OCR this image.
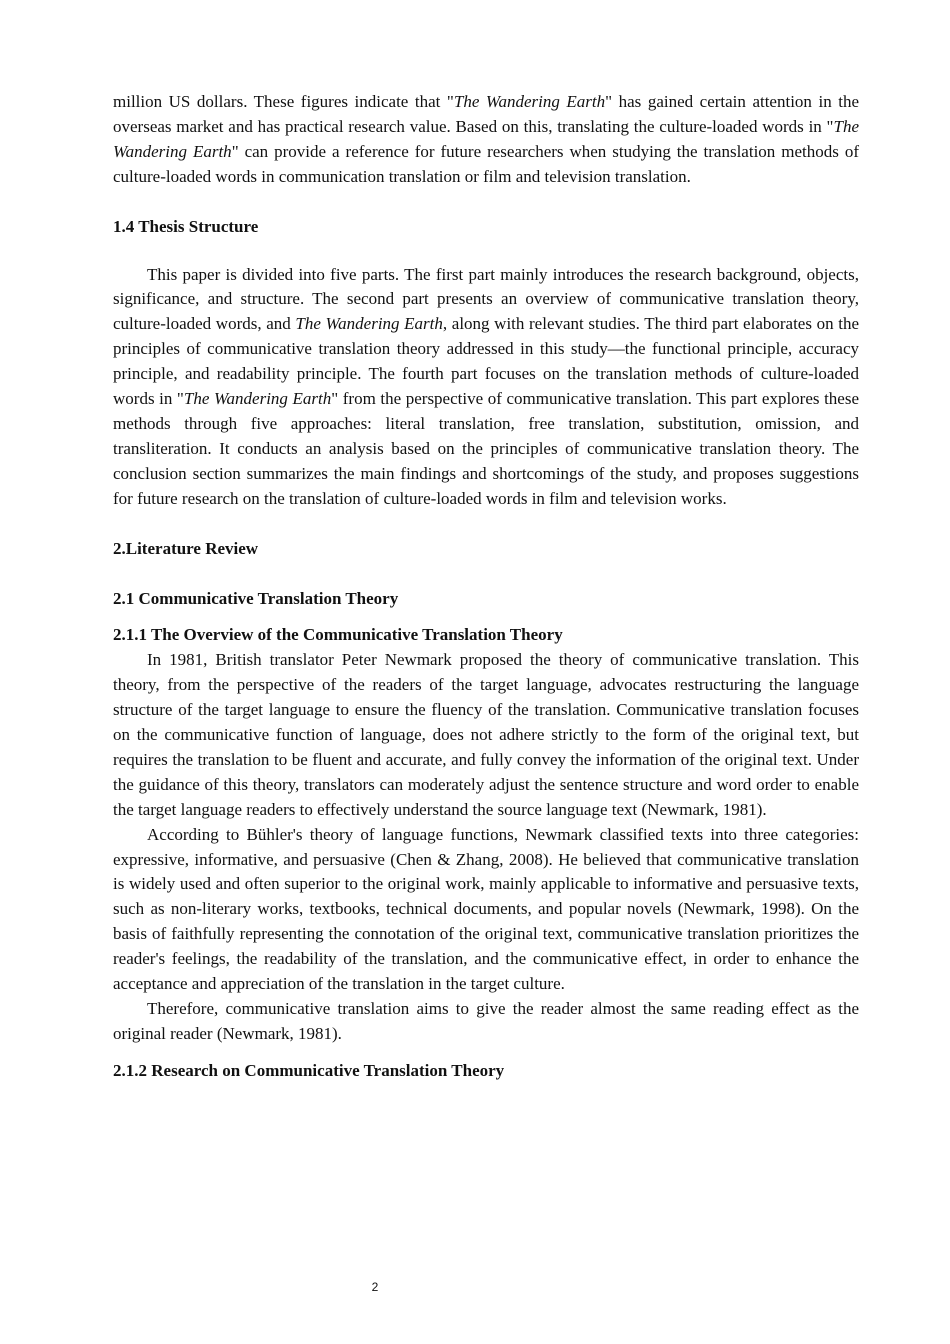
million US dollars. These figures indicate that "The Wandering Earth" has gained certain attention in the overseas market and has practical research value. Based on this, translating the culture-loaded words in "The Wandering Earth" can provide a reference for future researchers when studying the translation methods of culture-loaded words in communication translation or film and television translation.

1.4 Thesis Structure

This paper is divided into five parts. The first part mainly introduces the research background, objects, significance, and structure. The second part presents an overview of communicative translation theory, culture-loaded words, and The Wandering Earth, along with relevant studies. The third part elaborates on the principles of communicative translation theory addressed in this study—the functional principle, accuracy principle, and readability principle. The fourth part focuses on the translation methods of culture-loaded words in "The Wandering Earth" from the perspective of communicative translation. This part explores these methods through five approaches: literal translation, free translation, substitution, omission, and transliteration. It conducts an analysis based on the principles of communicative translation theory. The conclusion section summarizes the main findings and shortcomings of the study, and proposes suggestions for future research on the translation of culture-loaded words in film and television works.

2.Literature Review

2.1 Communicative Translation Theory

2.1.1 The Overview of the Communicative Translation Theory

In 1981, British translator Peter Newmark proposed the theory of communicative translation. This theory, from the perspective of the readers of the target language, advocates restructuring the language structure of the target language to ensure the fluency of the translation. Communicative translation focuses on the communicative function of language, does not adhere strictly to the form of the original text, but requires the translation to be fluent and accurate, and fully convey the information of the original text. Under the guidance of this theory, translators can moderately adjust the sentence structure and word order to enable the target language readers to effectively understand the source language text (Newmark, 1981).

According to Bühler's theory of language functions, Newmark classified texts into three categories: expressive, informative, and persuasive (Chen & Zhang, 2008). He believed that communicative translation is widely used and often superior to the original work, mainly applicable to informative and persuasive texts, such as non-literary works, textbooks, technical documents, and popular novels (Newmark, 1998). On the basis of faithfully representing the connotation of the original text, communicative translation prioritizes the reader's feelings, the readability of the translation, and the communicative effect, in order to enhance the acceptance and appreciation of the translation in the target culture.

Therefore, communicative translation aims to give the reader almost the same reading effect as the original reader (Newmark, 1981).

2.1.2 Research on Communicative Translation Theory

2
